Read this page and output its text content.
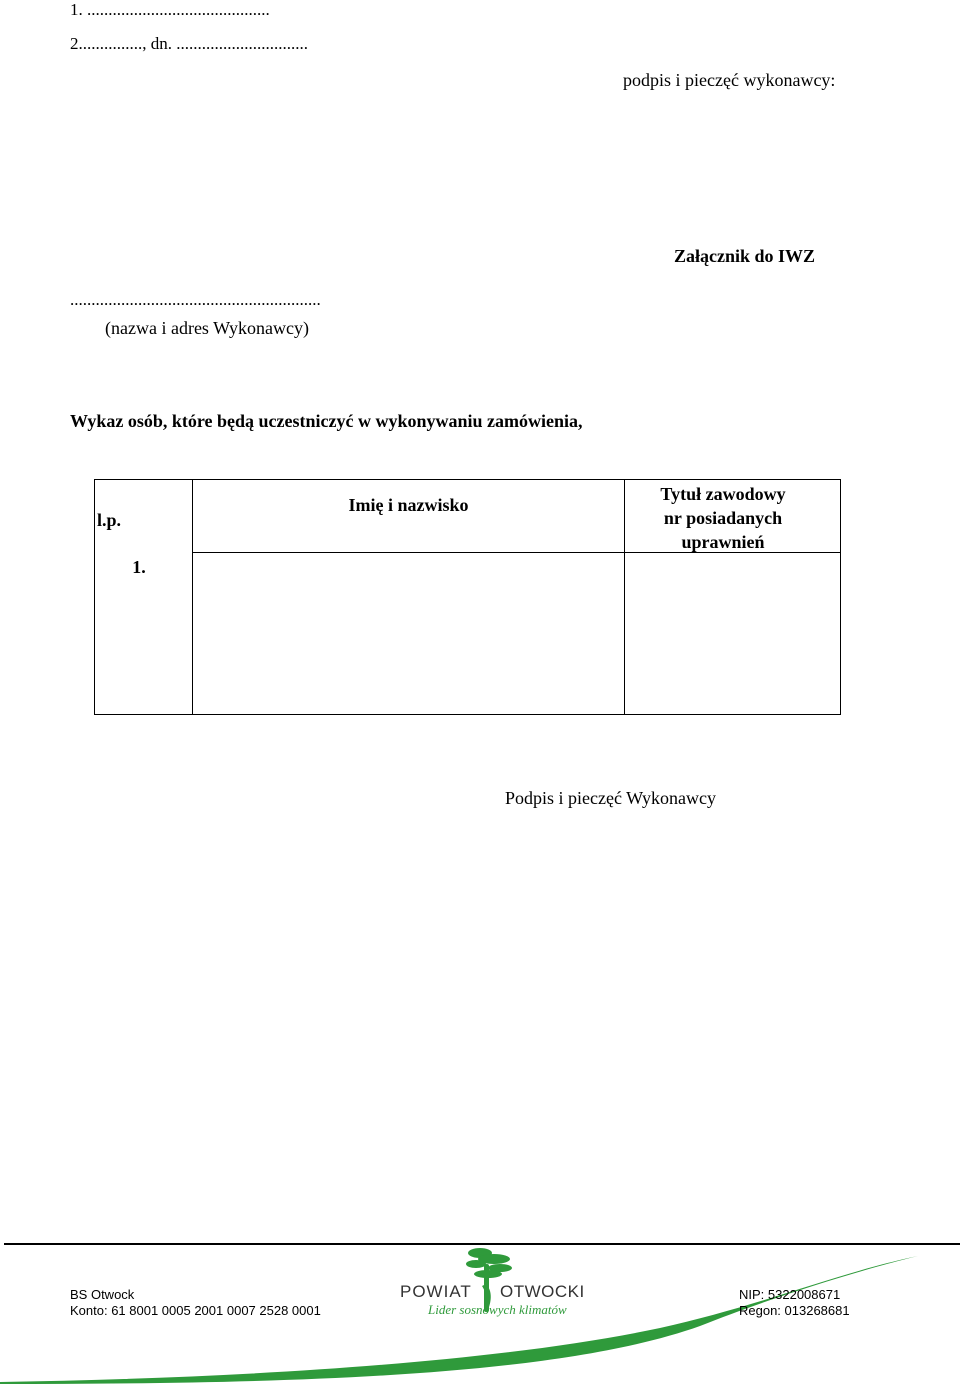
1. ...........................................
2..............., dn. ...............................
podpis i pieczęć wykonawcy:
Załącznik do IWZ
...........................................................
(nazwa i adres Wykonawcy)
Wykaz osób, które będą uczestniczyć w wykonywaniu zamówienia,
l.p.
Imię i nazwisko
Tytuł zawodowy
nr posiadanych
uprawnień
1.
Podpis i pieczęć Wykonawcy
BS Otwock
Konto: 61 8001 0005 2001 0007 2528 0001
POWIAT OTWOCKI
Lider sosnowych klimatów
NIP: 5322008671
Regon: 013268681
